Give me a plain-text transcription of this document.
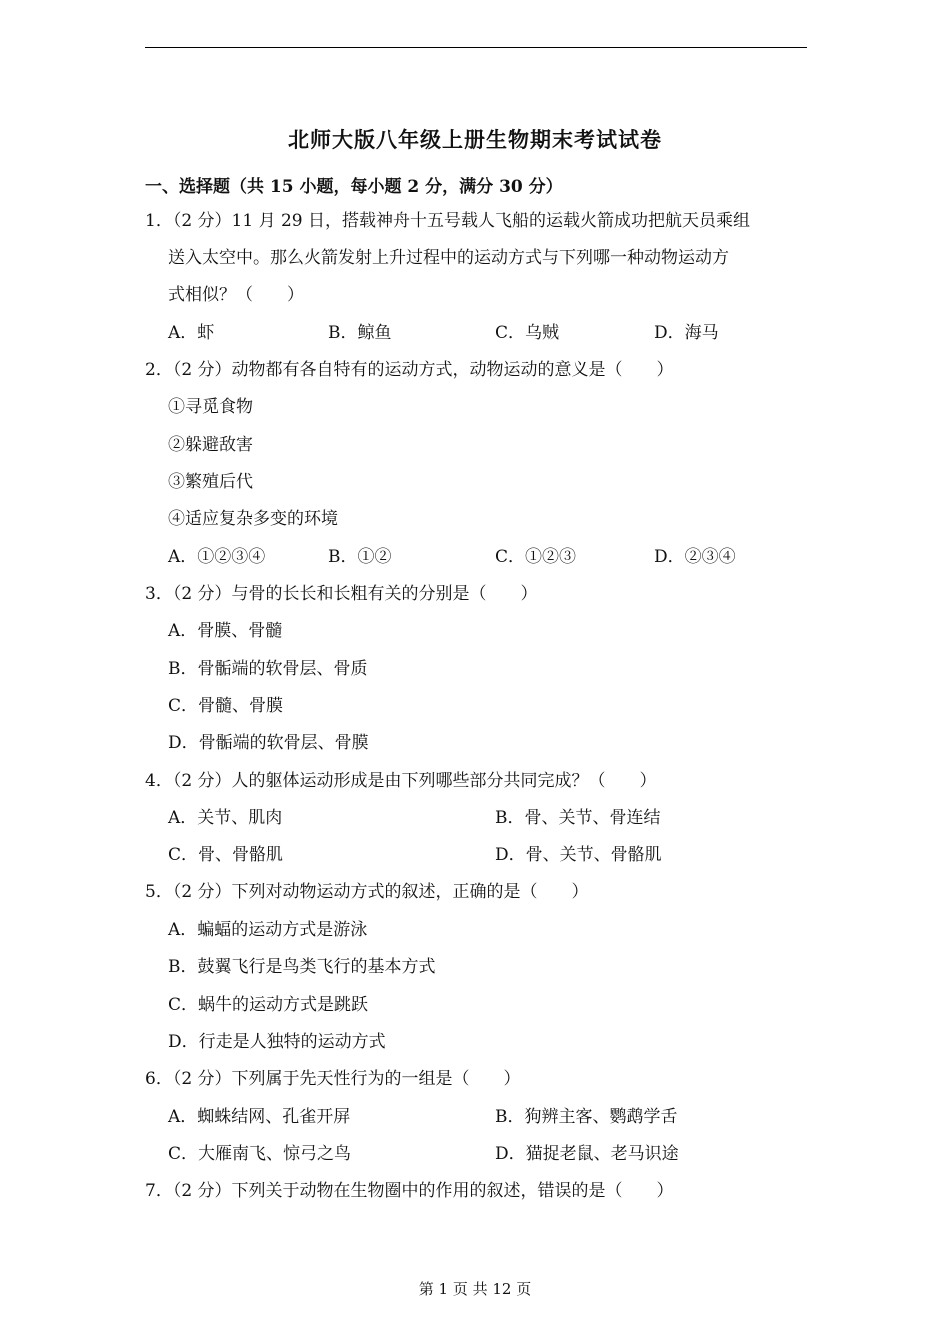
北师大版八年级上册生物期末考试试卷
一、选择题（共 15 小题，每小题 2 分，满分 30 分）
1．（2 分）11 月 29 日，搭载神舟十五号载人飞船的运载火箭成功把航天员乘组
送入太空中。那么火箭发射上升过程中的运动方式与下列哪一种动物运动方
式相似？（　　）
A．虾	B．鲸鱼	C．乌贼	D．海马
2．（2 分）动物都有各自特有的运动方式，动物运动的意义是（　　）
①寻觅食物
②躲避敌害
③繁殖后代
④适应复杂多变的环境
A．①②③④	B．①②	C．①②③	D．②③④
3．（2 分）与骨的长长和长粗有关的分别是（　　）
A．骨膜、骨髓
B．骨骺端的软骨层、骨质
C．骨髓、骨膜
D．骨骺端的软骨层、骨膜
4．（2 分）人的躯体运动形成是由下列哪些部分共同完成？（　　）
A．关节、肌肉	B．骨、关节、骨连结
C．骨、骨骼肌	D．骨、关节、骨骼肌
5．（2 分）下列对动物运动方式的叙述，正确的是（　　）
A．蝙蝠的运动方式是游泳
B．鼓翼飞行是鸟类飞行的基本方式
C．蜗牛的运动方式是跳跃
D．行走是人独特的运动方式
6．（2 分）下列属于先天性行为的一组是（　　）
A．蜘蛛结网、孔雀开屏	B．狗辨主客、鹦鹉学舌
C．大雁南飞、惊弓之鸟	D．猫捉老鼠、老马识途
7．（2 分）下列关于动物在生物圈中的作用的叙述，错误的是（　　）
第 1 页 共 12 页
